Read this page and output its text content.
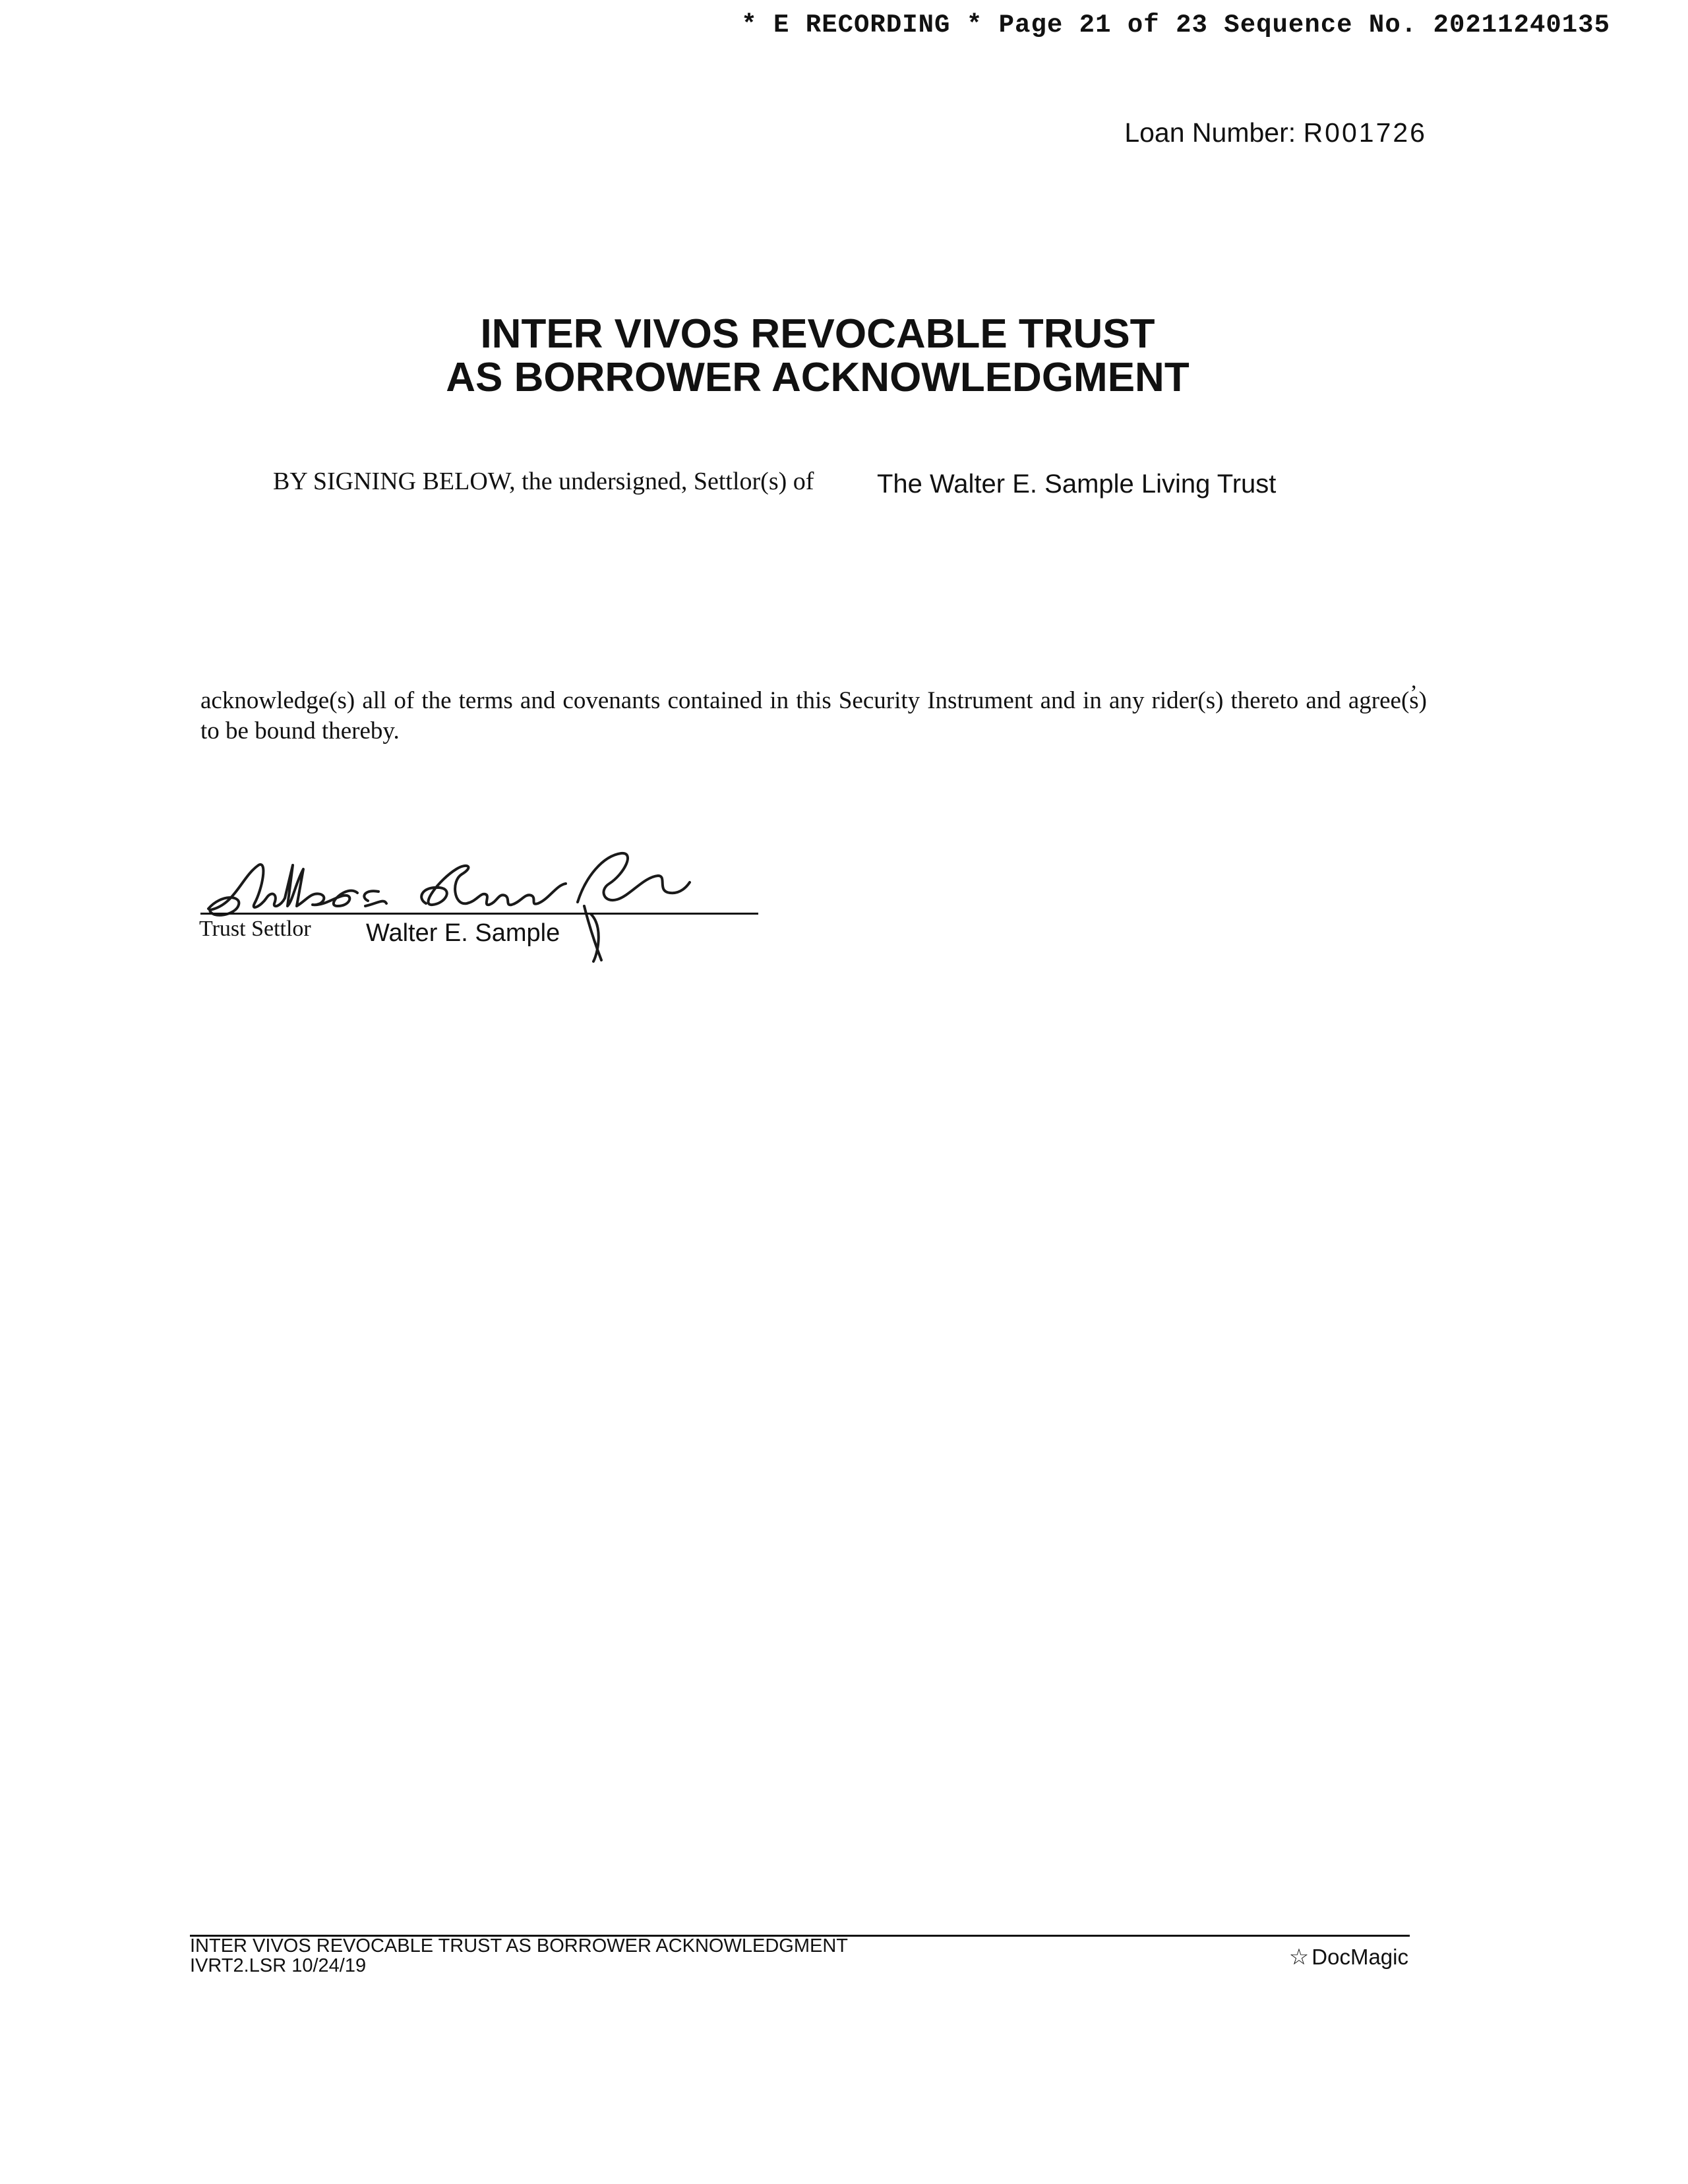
* E RECORDING * Page 21 of 23 Sequence No. 20211240135
Loan Number: R001726
INTER VIVOS REVOCABLE TRUST
AS BORROWER ACKNOWLEDGMENT
BY SIGNING BELOW, the undersigned, Settlor(s) of The Walter E. Sample Living Trust
,
acknowledge(s) all of the terms and covenants contained in this Security Instrument and in any rider(s) thereto and agree(s) to be bound thereby.
Trust Settlor Walter E. Sample
INTER VIVOS REVOCABLE TRUST AS BORROWER ACKNOWLEDGMENT
IVRT2.LSR 10/24/19	☆ DocMagic
